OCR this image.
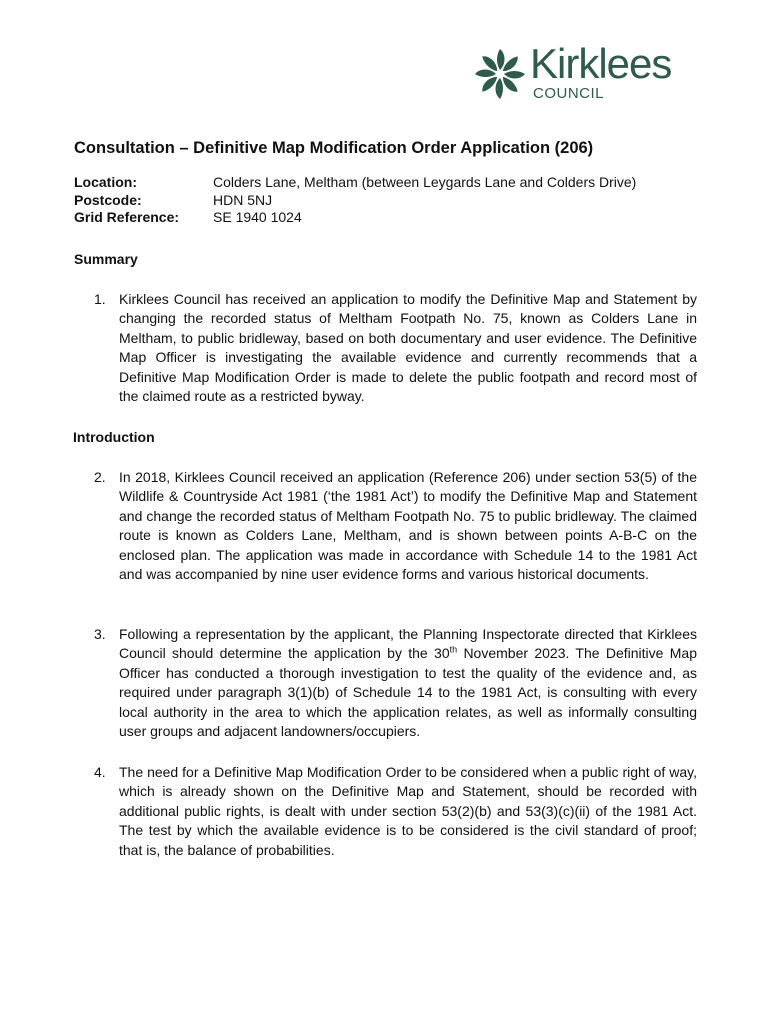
Kirklees
COUNCIL
Consultation – Definitive Map Modification Order Application (206)
Location:	Colders Lane, Meltham (between Leygards Lane and Colders Drive)
Postcode:	HDN 5NJ
Grid Reference:	SE 1940 1024
Summary
1. Kirklees Council has received an application to modify the Definitive Map and Statement by changing the recorded status of Meltham Footpath No. 75, known as Colders Lane in Meltham, to public bridleway, based on both documentary and user evidence. The Definitive Map Officer is investigating the available evidence and currently recommends that a Definitive Map Modification Order is made to delete the public footpath and record most of the claimed route as a restricted byway.
Introduction
2. In 2018, Kirklees Council received an application (Reference 206) under section 53(5) of the Wildlife & Countryside Act 1981 (‘the 1981 Act’) to modify the Definitive Map and Statement and change the recorded status of Meltham Footpath No. 75 to public bridleway. The claimed route is known as Colders Lane, Meltham, and is shown between points A-B-C on the enclosed plan. The application was made in accordance with Schedule 14 to the 1981 Act and was accompanied by nine user evidence forms and various historical documents.
3. Following a representation by the applicant, the Planning Inspectorate directed that Kirklees Council should determine the application by the 30th November 2023. The Definitive Map Officer has conducted a thorough investigation to test the quality of the evidence and, as required under paragraph 3(1)(b) of Schedule 14 to the 1981 Act, is consulting with every local authority in the area to which the application relates, as well as informally consulting user groups and adjacent landowners/occupiers.
4. The need for a Definitive Map Modification Order to be considered when a public right of way, which is already shown on the Definitive Map and Statement, should be recorded with additional public rights, is dealt with under section 53(2)(b) and 53(3)(c)(ii) of the 1981 Act. The test by which the available evidence is to be considered is the civil standard of proof; that is, the balance of probabilities.
